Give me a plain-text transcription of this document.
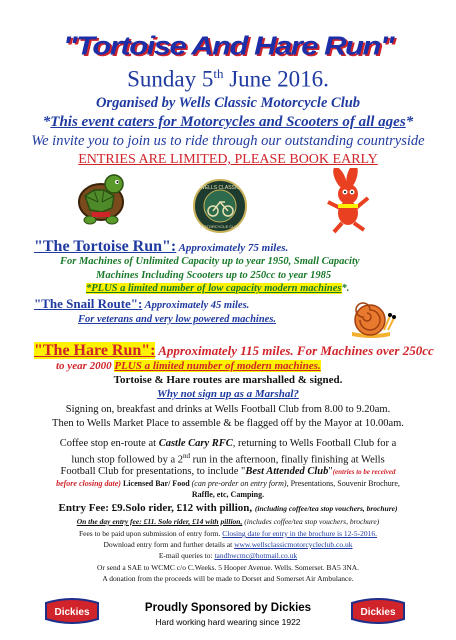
"Tortoise And Hare Run"
Sunday 5th June 2016.
Organised by Wells Classic Motorcycle Club
*This event caters for Motorcycles and Scooters of all ages*
We invite you to join us to ride through our outstanding countryside
ENTRIES ARE LIMITED, PLEASE BOOK EARLY
WELLS CLASSIC
MOTORCYCLE CLUB
"The Tortoise Run": Approximately 75 miles.
For Machines of Unlimited Capacity up to year 1950, Small Capacity
Machines Including Scooters up to 250cc to year 1985
*PLUS a limited number of low capacity modern machines*.
"The Snail Route": Approximately 45 miles.
For veterans and very low powered machines.
"The Hare Run": Approximately 115 miles. For Machines over 250cc
to year 2000 PLUS a limited number of modern machines.
Tortoise & Hare routes are marshalled & signed.
Why not sign up as a Marshal?
Signing on, breakfast and drinks at Wells Football Club from 8.00 to 9.20am.
Then to Wells Market Place to assemble & be flagged off by the Mayor at 10.00am.
Coffee stop en-route at Castle Cary RFC, returning to Wells Football Club for a
lunch stop followed by a 2nd run in the afternoon, finally finishing at Wells
Football Club for presentations, to include "Best Attended Club"(entries to be received
before closing date) Licensed Bar/ Food (can pre-order on entry form), Presentations, Souvenir Brochure,
Raffle, etc, Camping.
Entry Fee: £9.Solo rider, £12 with pillion, (including coffee/tea stop vouchers, brochure)
On the day entry fee: £11. Solo rider, £14 with pillion, (includes coffee/tea stop vouchers, brochure)
Fees to be paid upon submission of entry form. Closing date for entry in the brochure is 12-5-2016.
Download entry form and further details at www.wellsclassicmotorcycleclub.co.uk
E-mail queries to: tandhwcmc@hotmail.co.uk
Or send a SAE to WCMC c/o C.Weeks. 5 Hooper Avenue. Wells. Somerset. BA5 3NA.
A donation from the proceeds will be made to Dorset and Somerset Air Ambulance.
Dickies	Proudly Sponsored by Dickies
Hard working hard wearing since 1922
Dickies
